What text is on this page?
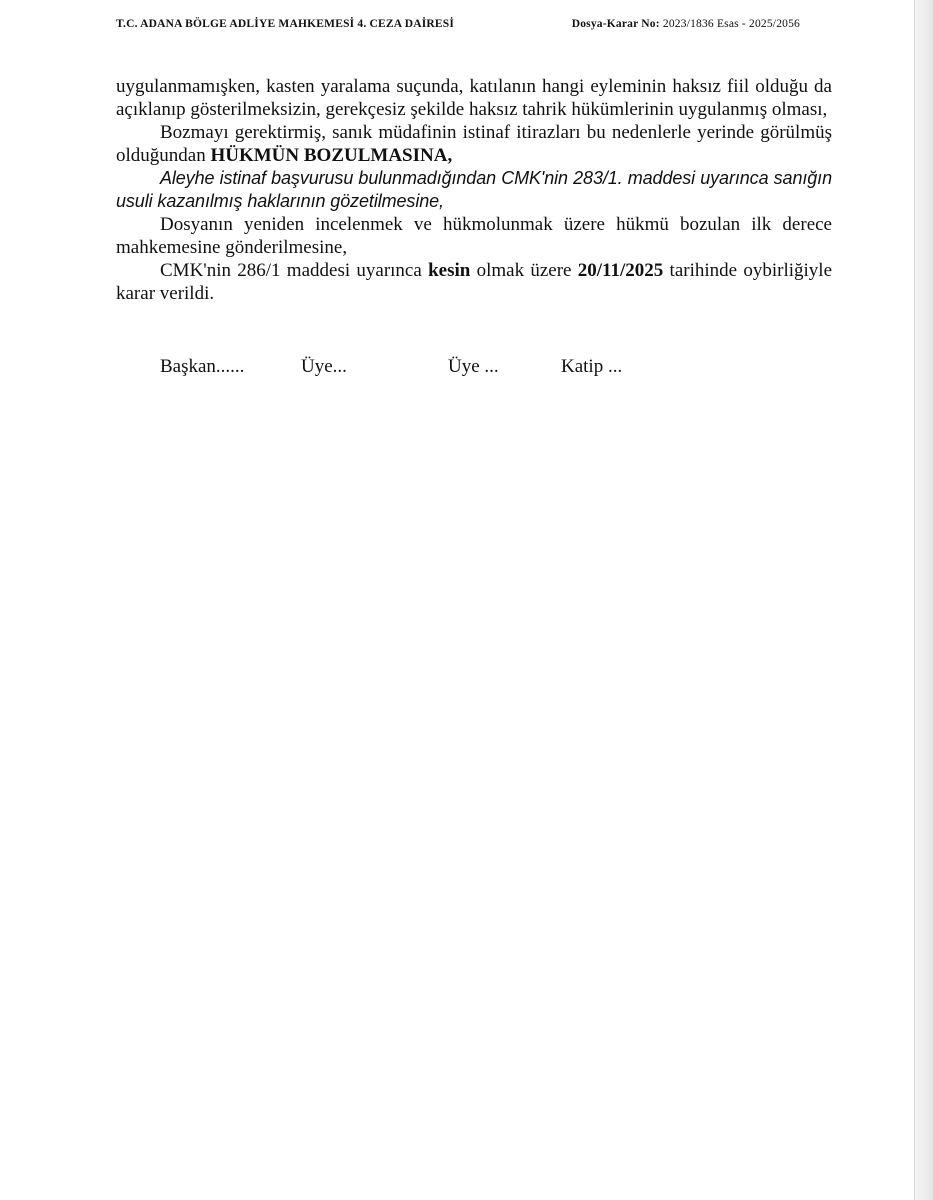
T.C. ADANA BÖLGE ADLİYE MAHKEMESİ 4. CEZA DAİRESİ	Dosya-Karar No: 2023/1836 Esas - 2025/2056

uygulanmamışken, kasten yaralama suçunda, katılanın hangi eyleminin haksız fiil olduğu da açıklanıp gösterilmeksizin, gerekçesiz şekilde haksız tahrik hükümlerinin uygulanmış olması,

Bozmayı gerektirmiş, sanık müdafinin istinaf itirazları bu nedenlerle yerinde görülmüş olduğundan HÜKMÜN BOZULMASINA,

Aleyhe istinaf başvurusu bulunmadığından CMK'nin 283/1. maddesi uyarınca sanığın usuli kazanılmış haklarının gözetilmesine,

Dosyanın yeniden incelenmek ve hükmolunmak üzere hükmü bozulan ilk derece mahkemesine gönderilmesine,

CMK'nin 286/1 maddesi uyarınca kesin olmak üzere 20/11/2025 tarihinde oybirliğiyle karar verildi.

Başkan......	Üye...	Üye ...	Katip ...
